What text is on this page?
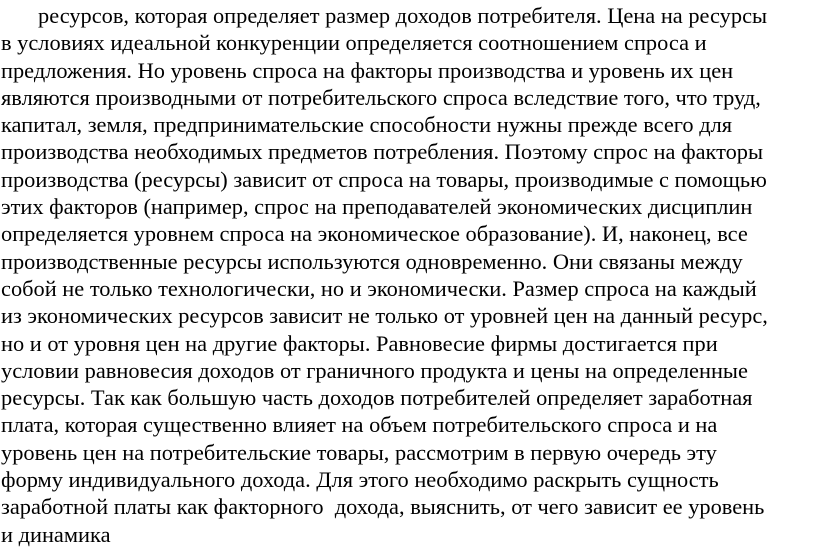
ресурсов, которая определяет размер доходов потребителя. Цена на ресурсы
в условиях идеальной конкуренции определяется соотношением спроса и
предложения. Но уровень спроса на факторы производства и уровень их цен
являются производными от потребительского спроса вследствие того, что труд,
капитал, земля, предпринимательские способности нужны прежде всего для
производства необходимых предметов потребления. Поэтому спрос на факторы
производства (ресурсы) зависит от спроса на товары, производимые с помощью
этих факторов (например, спрос на преподавателей экономических дисциплин
определяется уровнем спроса на экономическое образование). И, наконец, все
производственные ресурсы используются одновременно. Они связаны между
собой не только технологически, но и экономически. Размер спроса на каждый
из экономических ресурсов зависит не только от уровней цен на данный ресурс,
но и от уровня цен на другие факторы. Равновесие фирмы достигается при
условии равновесия доходов от граничного продукта и цены на определенные
ресурсы. Так как большую часть доходов потребителей определяет заработная
плата, которая существенно влияет на объем потребительского спроса и на
уровень цен на потребительские товары, рассмотрим в первую очередь эту
форму индивидуального дохода. Для этого необходимо раскрыть сущность
заработной платы как факторного  дохода, выяснить, от чего зависит ее уровень
и динамика
